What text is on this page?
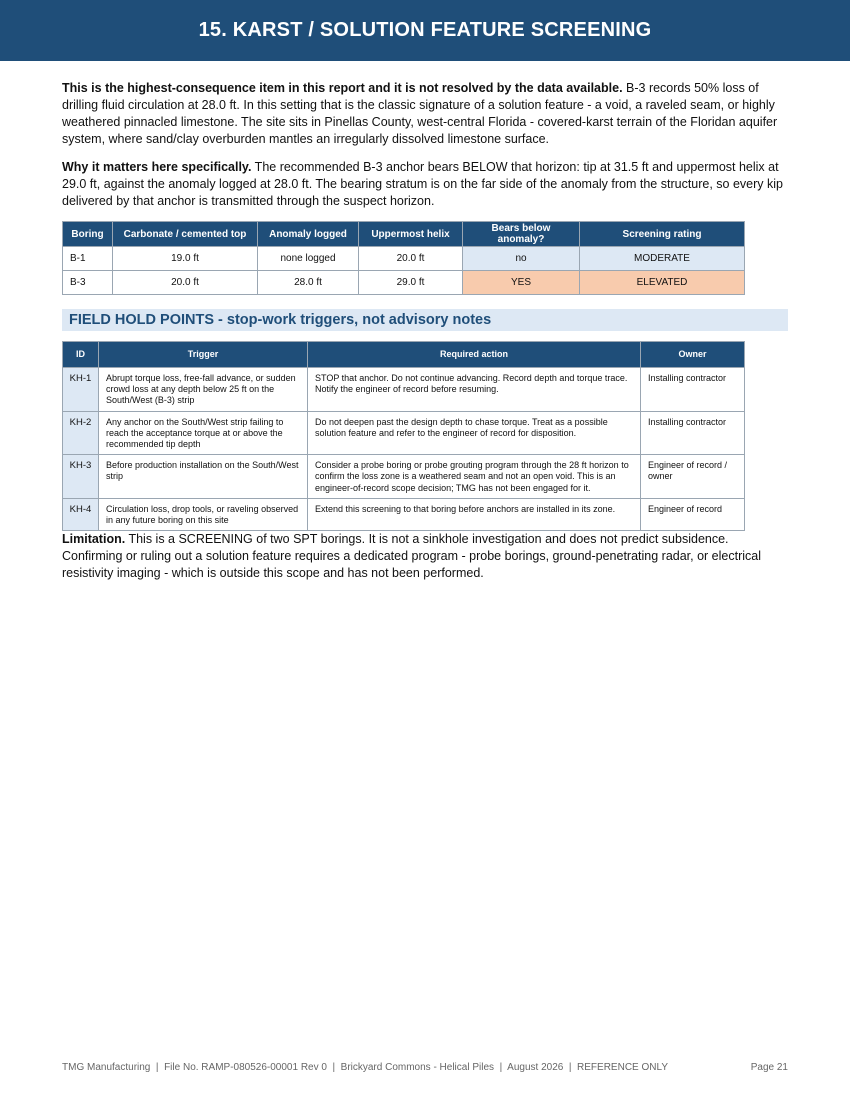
15. KARST / SOLUTION FEATURE SCREENING

This is the highest-consequence item in this report and it is not resolved by the data available. B-3 records 50% loss of drilling fluid circulation at 28.0 ft. In this setting that is the classic signature of a solution feature - a void, a raveled seam, or highly weathered pinnacled limestone. The site sits in Pinellas County, west-central Florida - covered-karst terrain of the Floridan aquifer system, where sand/clay overburden mantles an irregularly dissolved limestone surface.

Why it matters here specifically. The recommended B-3 anchor bears BELOW that horizon: tip at 31.5 ft and uppermost helix at 29.0 ft, against the anomaly logged at 28.0 ft. The bearing stratum is on the far side of the anomaly from the structure, so every kip delivered by that anchor is transmitted through the suspect horizon.

Boring	Carbonate / cemented top	Anomaly logged	Uppermost helix	Bears below anomaly?	Screening rating
B-1	19.0 ft	none logged	20.0 ft	no	MODERATE
B-3	20.0 ft	28.0 ft	29.0 ft	YES	ELEVATED
FIELD HOLD POINTS - stop-work triggers, not advisory notes
ID	Trigger	Required action	Owner
KH-1	Abrupt torque loss, free-fall advance, or sudden crowd loss at any depth below 25 ft on the South/West (B-3) strip	STOP that anchor. Do not continue advancing. Record depth and torque trace. Notify the engineer of record before resuming.	Installing contractor
KH-2	Any anchor on the South/West strip failing to reach the acceptance torque at or above the recommended tip depth	Do not deepen past the design depth to chase torque. Treat as a possible solution feature and refer to the engineer of record for disposition.	Installing contractor
KH-3	Before production installation on the South/West strip	Consider a probe boring or probe grouting program through the 28 ft horizon to confirm the loss zone is a weathered seam and not an open void. This is an engineer-of-record scope decision; TMG has not been engaged for it.	Engineer of record / owner
KH-4	Circulation loss, drop tools, or raveling observed in any future boring on this site	Extend this screening to that boring before anchors are installed in its zone.	Engineer of record

Limitation. This is a SCREENING of two SPT borings. It is not a sinkhole investigation and does not predict subsidence. Confirming or ruling out a solution feature requires a dedicated program - probe borings, ground-penetrating radar, or electrical resistivity imaging - which is outside this scope and has not been performed.

TMG Manufacturing  |  File No. RAMP-080526-00001 Rev 0  |  Brickyard Commons - Helical Piles  |  August 2026  |  REFERENCE ONLY	Page 21
